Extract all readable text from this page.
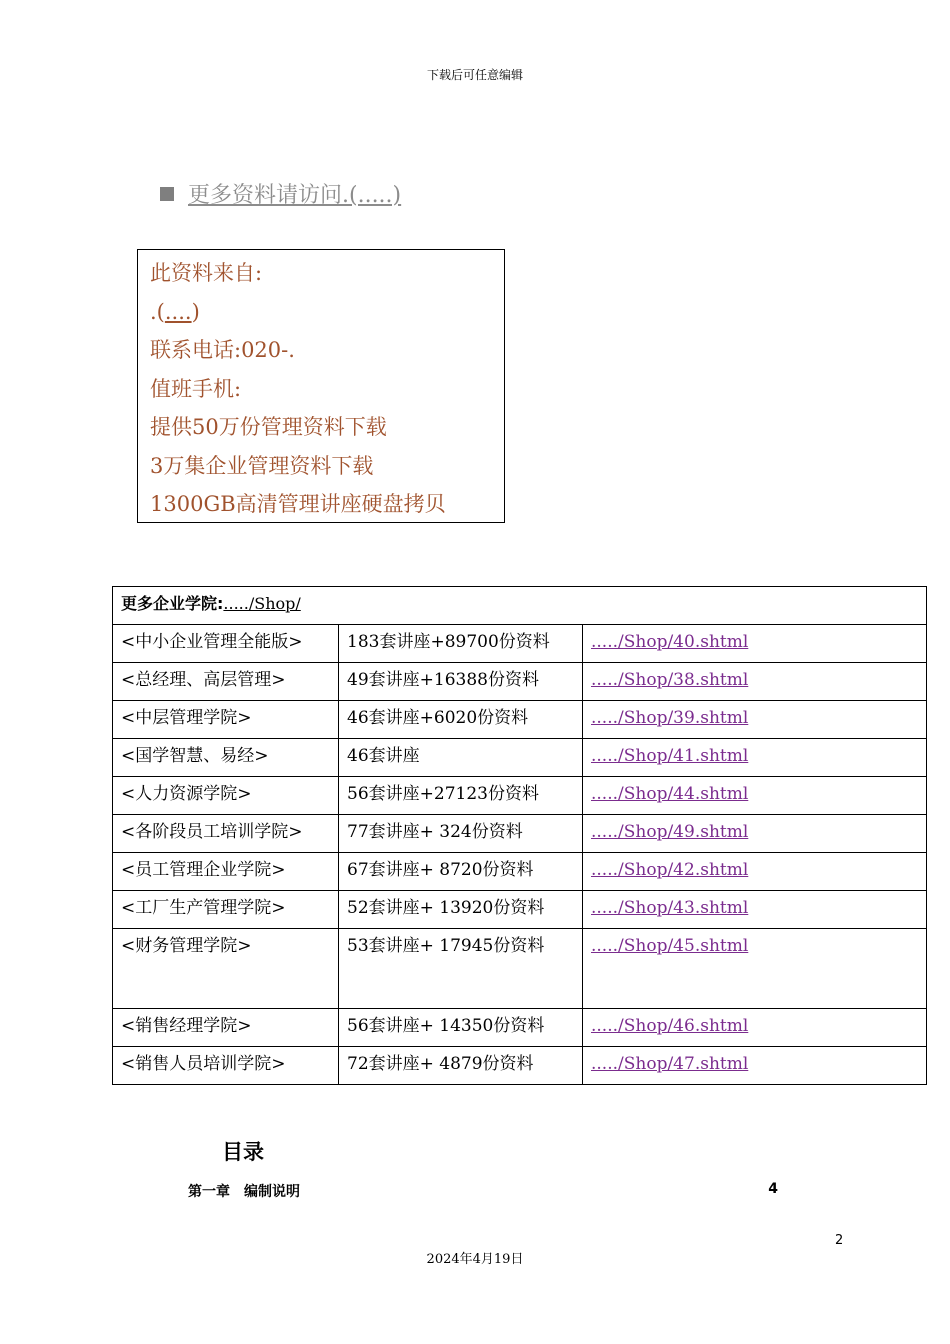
下载后可任意编辑
更多资料请访问.(.....)
此资料来自:
.(....)
联系电话:020-.
值班手机:
提供50万份管理资料下载
3万集企业管理资料下载
1300GB高清管理讲座硬盘拷贝
更多企业学院:...../Shop/		
<中小企业管理全能版>	183套讲座+89700份资料	...../Shop/40.shtml
<总经理、高层管理>	49套讲座+16388份资料	...../Shop/38.shtml
<中层管理学院>	46套讲座+6020份资料	...../Shop/39.shtml
<国学智慧、易经>	46套讲座	...../Shop/41.shtml
<人力资源学院>	56套讲座+27123份资料	...../Shop/44.shtml
<各阶段员工培训学院>	77套讲座+ 324份资料	...../Shop/49.shtml
<员工管理企业学院>	67套讲座+ 8720份资料	...../Shop/42.shtml
<工厂生产管理学院>	52套讲座+ 13920份资料	...../Shop/43.shtml
<财务管理学院>	53套讲座+ 17945份资料	...../Shop/45.shtml
<销售经理学院>	56套讲座+ 14350份资料	...../Shop/46.shtml
<销售人员培训学院>	72套讲座+ 4879份资料	...../Shop/47.shtml
目录
第一章　编制说明	4
2
2024年4月19日
